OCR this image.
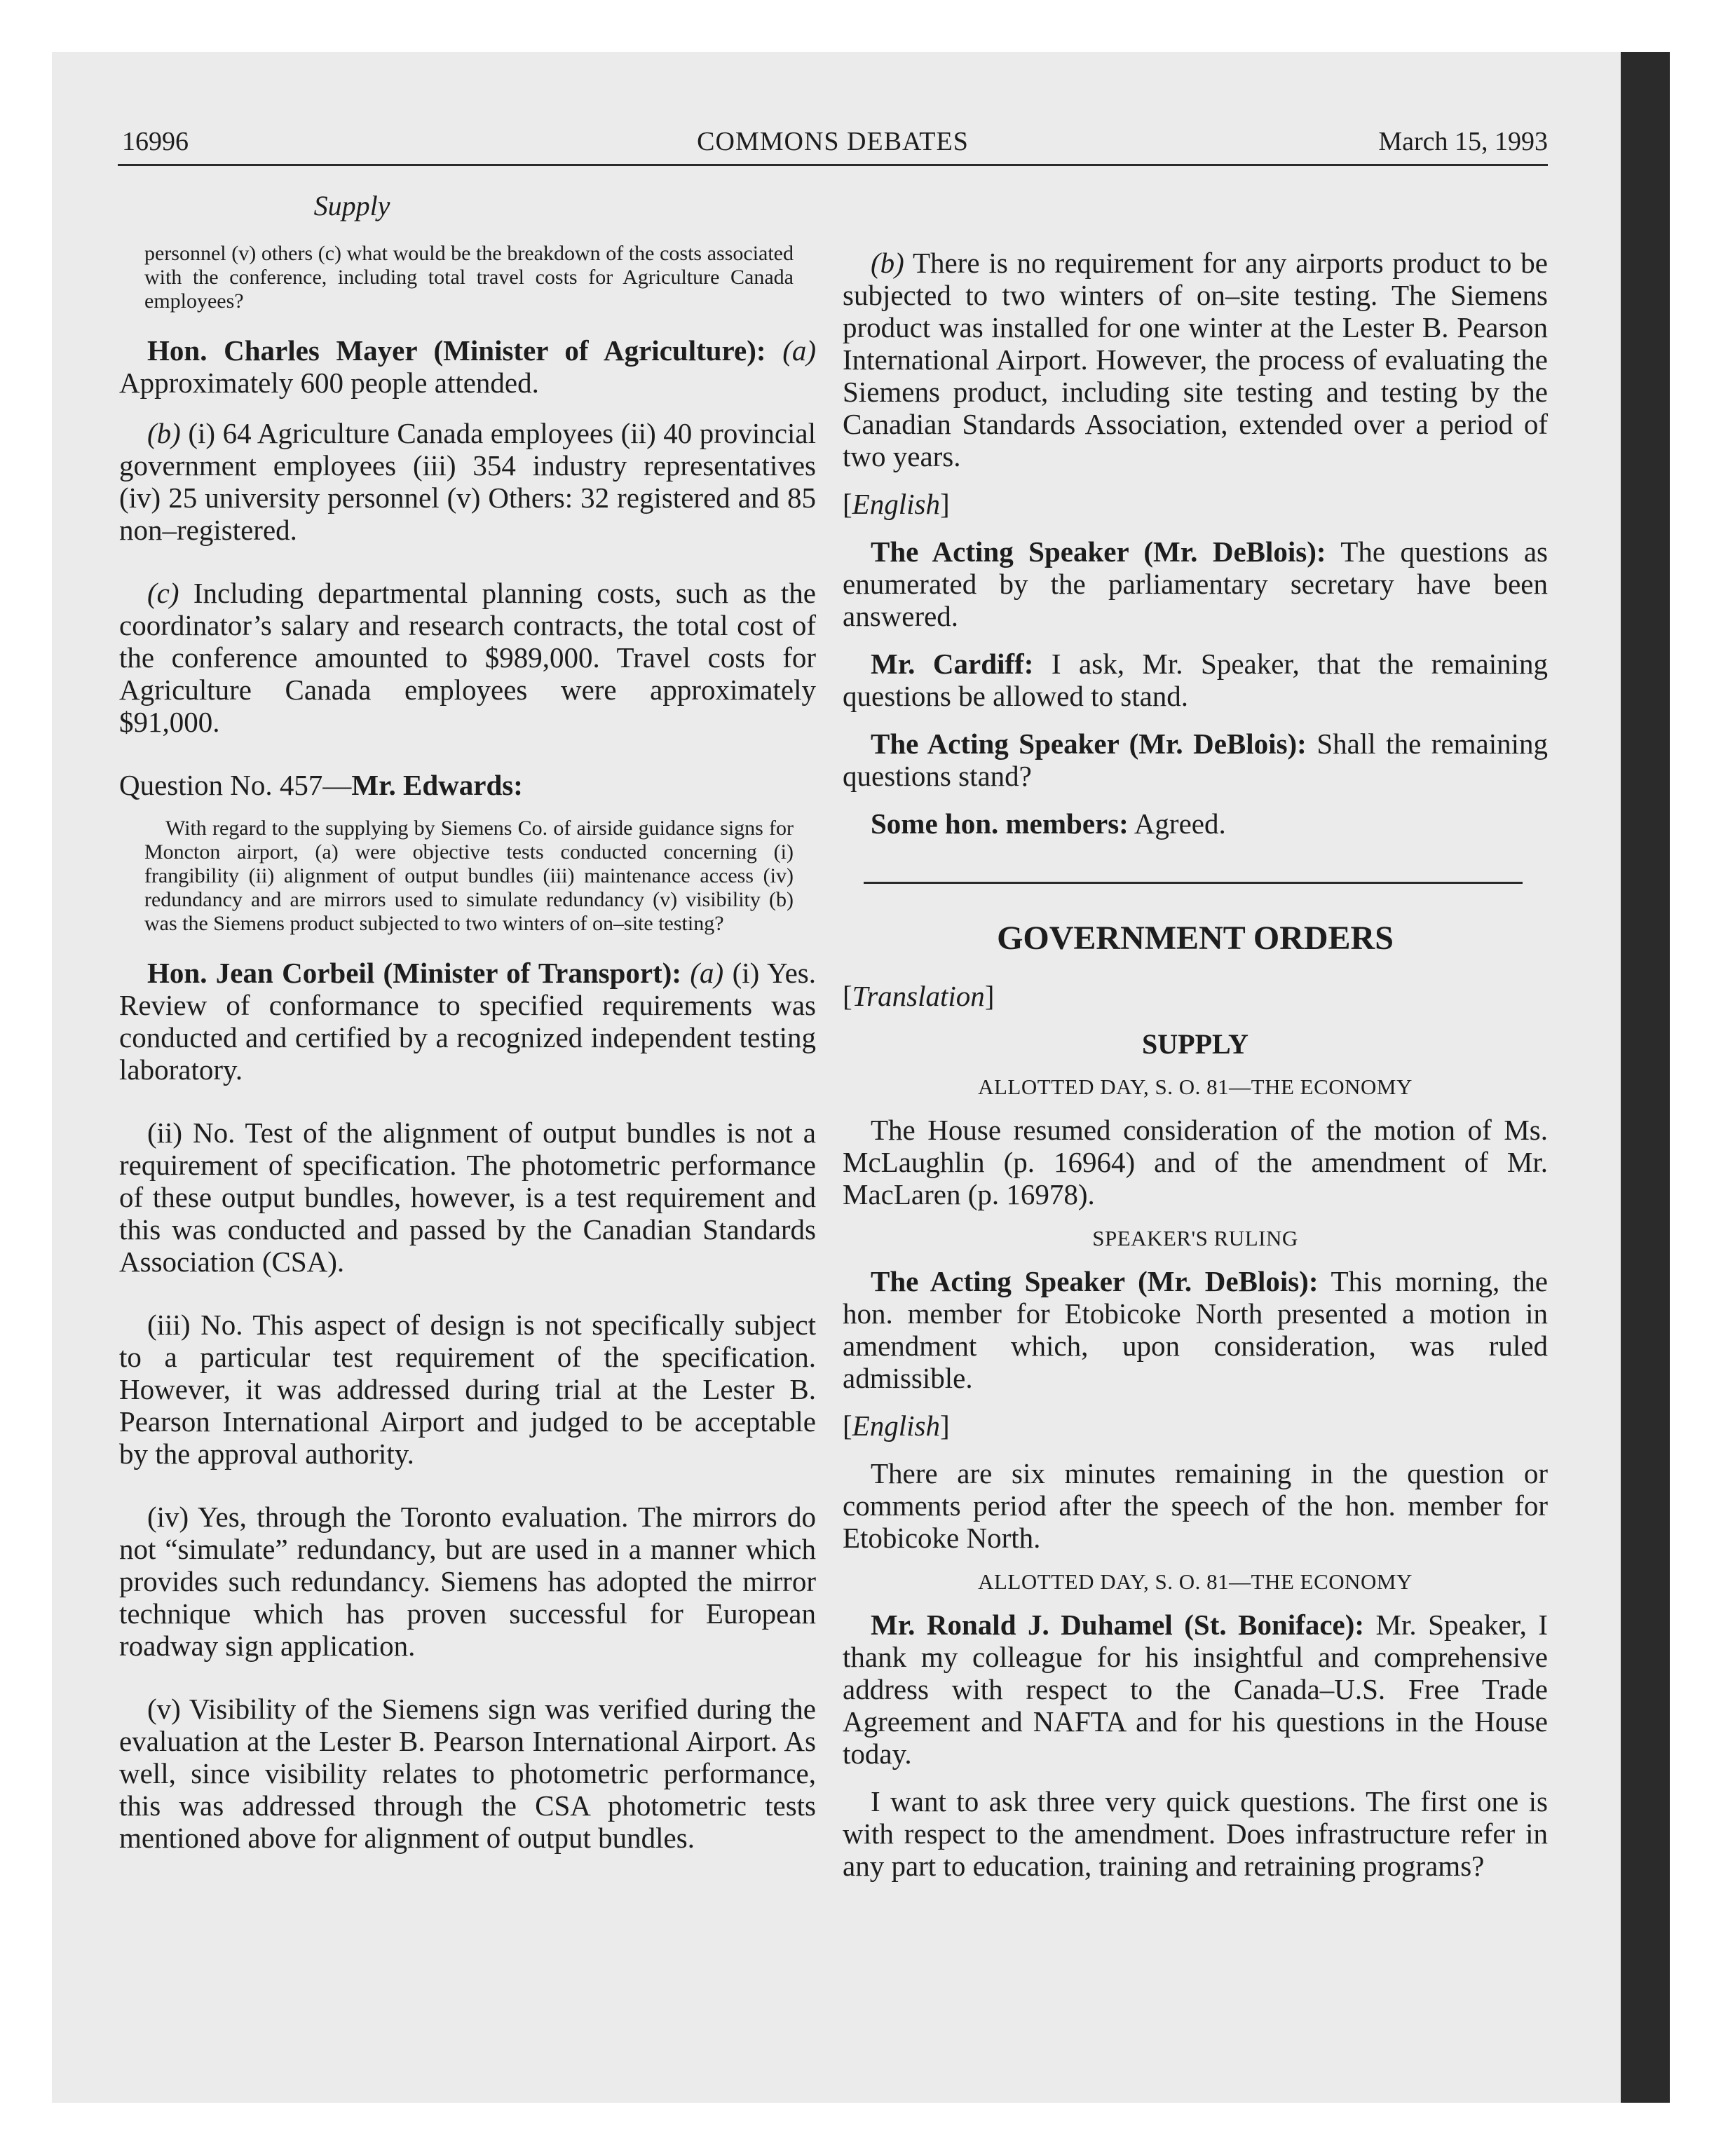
16996	COMMONS DEBATES	March 15, 1993
Supply

personnel (v) others (c) what would be the breakdown of the costs associated with the conference, including total travel costs for Agriculture Canada employees?

Hon. Charles Mayer (Minister of Agriculture): (a) Approximately 600 people attended.

(b) (i) 64 Agriculture Canada employees (ii) 40 provincial government employees (iii) 354 industry representatives (iv) 25 university personnel (v) Others: 32 registered and 85 non–registered.

(c) Including departmental planning costs, such as the coordinator’s salary and research contracts, the total cost of the conference amounted to $989,000. Travel costs for Agriculture Canada employees were approximately $91,000.

Question No. 457—Mr. Edwards:

With regard to the supplying by Siemens Co. of airside guidance signs for Moncton airport, (a) were objective tests conducted concerning (i) frangibility (ii) alignment of output bundles (iii) maintenance access (iv) redundancy and are mirrors used to simulate redundancy (v) visibility (b) was the Siemens product subjected to two winters of on–site testing?

Hon. Jean Corbeil (Minister of Transport): (a) (i) Yes. Review of conformance to specified requirements was conducted and certified by a recognized independent testing laboratory.

(ii) No. Test of the alignment of output bundles is not a requirement of specification. The photometric performance of these output bundles, however, is a test requirement and this was conducted and passed by the Canadian Standards Association (CSA).

(iii) No. This aspect of design is not specifically subject to a particular test requirement of the specification. However, it was addressed during trial at the Lester B. Pearson International Airport and judged to be acceptable by the approval authority.

(iv) Yes, through the Toronto evaluation. The mirrors do not “simulate” redundancy, but are used in a manner which provides such redundancy. Siemens has adopted the mirror technique which has proven successful for European roadway sign application.

(v) Visibility of the Siemens sign was verified during the evaluation at the Lester B. Pearson International Airport. As well, since visibility relates to photometric performance, this was addressed through the CSA photometric tests mentioned above for alignment of output bundles.

(b) There is no requirement for any airports product to be subjected to two winters of on–site testing. The Siemens product was installed for one winter at the Lester B. Pearson International Airport. However, the process of evaluating the Siemens product, including site testing and testing by the Canadian Standards Association, extended over a period of two years.

[English]

The Acting Speaker (Mr. DeBlois): The questions as enumerated by the parliamentary secretary have been answered.

Mr. Cardiff: I ask, Mr. Speaker, that the remaining questions be allowed to stand.

The Acting Speaker (Mr. DeBlois): Shall the remaining questions stand?

Some hon. members: Agreed.

GOVERNMENT ORDERS

[Translation]

SUPPLY
ALLOTTED DAY, S. O. 81—THE ECONOMY

The House resumed consideration of the motion of Ms. McLaughlin (p. 16964) and of the amendment of Mr. MacLaren (p. 16978).

SPEAKER'S RULING

The Acting Speaker (Mr. DeBlois): This morning, the hon. member for Etobicoke North presented a motion in amendment which, upon consideration, was ruled admissible.

[English]

There are six minutes remaining in the question or comments period after the speech of the hon. member for Etobicoke North.

ALLOTTED DAY, S. O. 81—THE ECONOMY

Mr. Ronald J. Duhamel (St. Boniface): Mr. Speaker, I thank my colleague for his insightful and comprehensive address with respect to the Canada–U.S. Free Trade Agreement and NAFTA and for his questions in the House today.

I want to ask three very quick questions. The first one is with respect to the amendment. Does infrastructure refer in any part to education, training and retraining programs?
